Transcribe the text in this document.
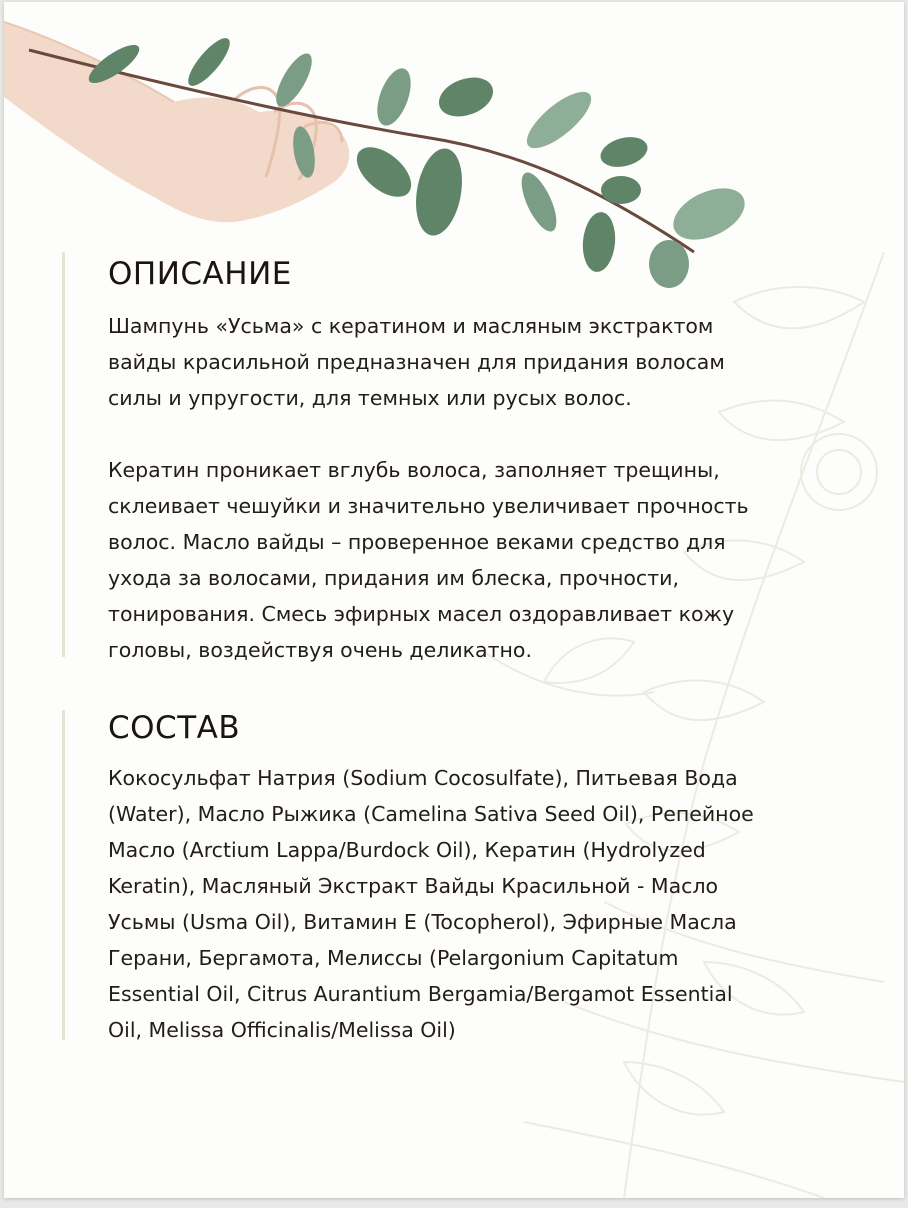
ОПИСАНИЕ

Шампунь «Усьма» с кератином и масляным экстрактом
вайды красильной предназначен для придания волосам
силы и упругости, для темных или русых волос.

Кератин проникает вглубь волоса, заполняет трещины,
склеивает чешуйки и значительно увеличивает прочность
волос. Масло вайды – проверенное веками средство для
ухода за волосами, придания им блеска, прочности,
тонирования. Смесь эфирных масел оздоравливает кожу
головы, воздействуя очень деликатно.

СОСТАВ

Кокосульфат Натрия (Sodium Cocosulfate), Питьевая Вода
(Water), Масло Рыжика (Camelina Sativa Seed Oil), Репейное
Масло (Arctium Lappa/Burdock Oil), Кератин (Hydrolyzed
Keratin), Масляный Экстракт Вайды Красильной - Масло
Усьмы (Usma Oil), Витамин Е (Tocopherol), Эфирные Масла
Герани, Бергамота, Мелиссы (Pelargonium Capitatum
Essential Oil, Citrus Aurantium Bergamia/Bergamot Essential
Oil, Melissa Officinalis/Melissa Oil)
